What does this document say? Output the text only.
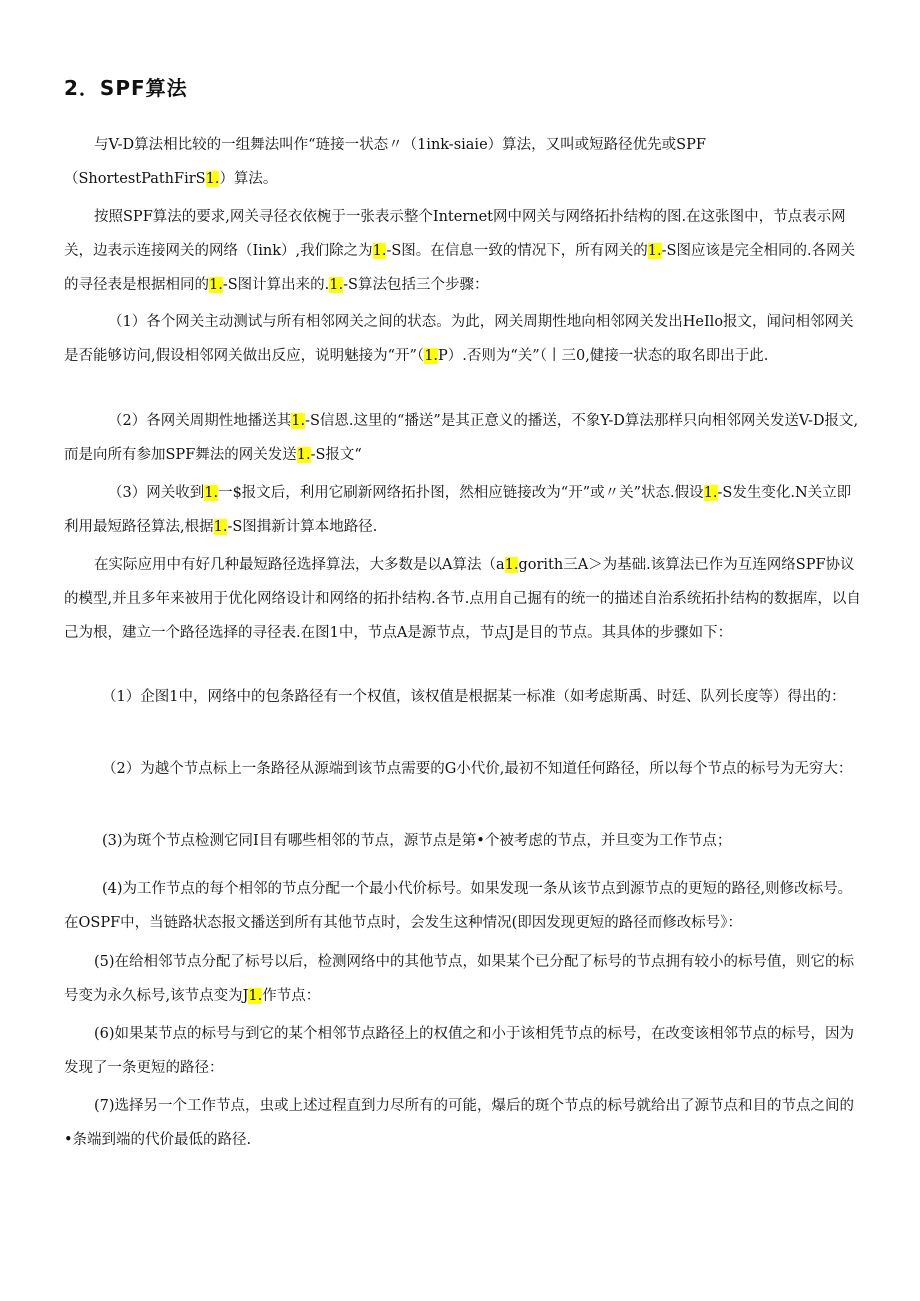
2．SPF算法

与V-D算法相比较的一组舞法叫作“琏接一状态〃（1ink-siaie）算法，又叫或短路径优先或SPF（ShortestPathFirS1.）算法。

按照SPF算法的要求,网关寻径衣依椀于一张表示整个Internet网中网关与网络拓扑结构的图.在这张图中，节点表示网关，边表示连接网关的网络（Iink）,我们除之为1.-S图。在信息一致的情况下，所有网关的1.-S图应该是完全相同的.各网关的寻径表是根据相同的1.-S图计算出来的.1.-S算法包括三个步骤：

（1）各个网关主动测试与所有相邻网关之间的状态。为此，网关周期性地向相邻网关发出HeIlo报文，闻问相邻网关是否能够访问,假设相邻网关做出反应，说明魅接为“开”（1.P）.否则为“关”（丨三0,健接一状态的取名即出于此.

（2）各网关周期性地播送其1.-S信恩.这里的“播送”是其正意义的播送，不象Y-D算法那样只向相邻网关发送V-D报文,而是向所有参加SPF舞法的网关发送1.-S报文“

（3）网关收到1.一$报文后，利用它刷新网络拓扑图，然相应链接改为“开”或〃关”状态.假设1.-S发生变化.N关立即利用最短路径算法,根据1.-S图揖新计算本地路径.

在实际应用中有好几种最短路径选择算法，大多数是以A算法（a1.gorith三A＞为基础.该算法已作为互连网络SPF协议的模型,并且多年来被用于优化网络设计和网络的拓扑结构.各节.点用自己掘有的统一的描述自治系统拓扑结构的数据库，以自己为根，建立一个路径选择的寻径表.在图1中，节点A是源节点，节点J是目的节点。其具体的步骤如下：

（1）企图1中，网络中的包条路径有一个权值，该权值是根据某一标准（如考虑斯禹、时廷、队列长度等）得出的：

（2）为越个节点标上一条路径从源端到该节点需要的G小代价,最初不知道任何路径，所以每个节点的标号为无穷大：

(3)为斑个节点检测它同Ⅰ目有哪些相邻的节点，源节点是第•个被考虑的节点，并旦变为工作节点；

(4)为工作节点的每个相邻的节点分配一个最小代价标号。如果发现一条从该节点到源节点的更短的路径,则修改标号。在OSPF中，当链路状态报文播送到所有其他节点时，会发生这种情况(即因发现更短的路径而修改标号》：

(5)在给相邻节点分配了标号以后，检测网络中的其他节点，如果某个已分配了标号的节点拥有较小的标号值，则它的标号变为永久标号,该节点变为J1.作节点：

(6)如果某节点的标号与到它的某个相邻节点路径上的权值之和小于该相凭节点的标号，在改变该相邻节点的标号，因为发现了一条更短的路径：

(7)选择另一个工作节点，虫或上述过程直到力尽所有的可能，爆后的斑个节点的标号就给出了源节点和目的节点之间的•条端到端的代价最低的路径.
